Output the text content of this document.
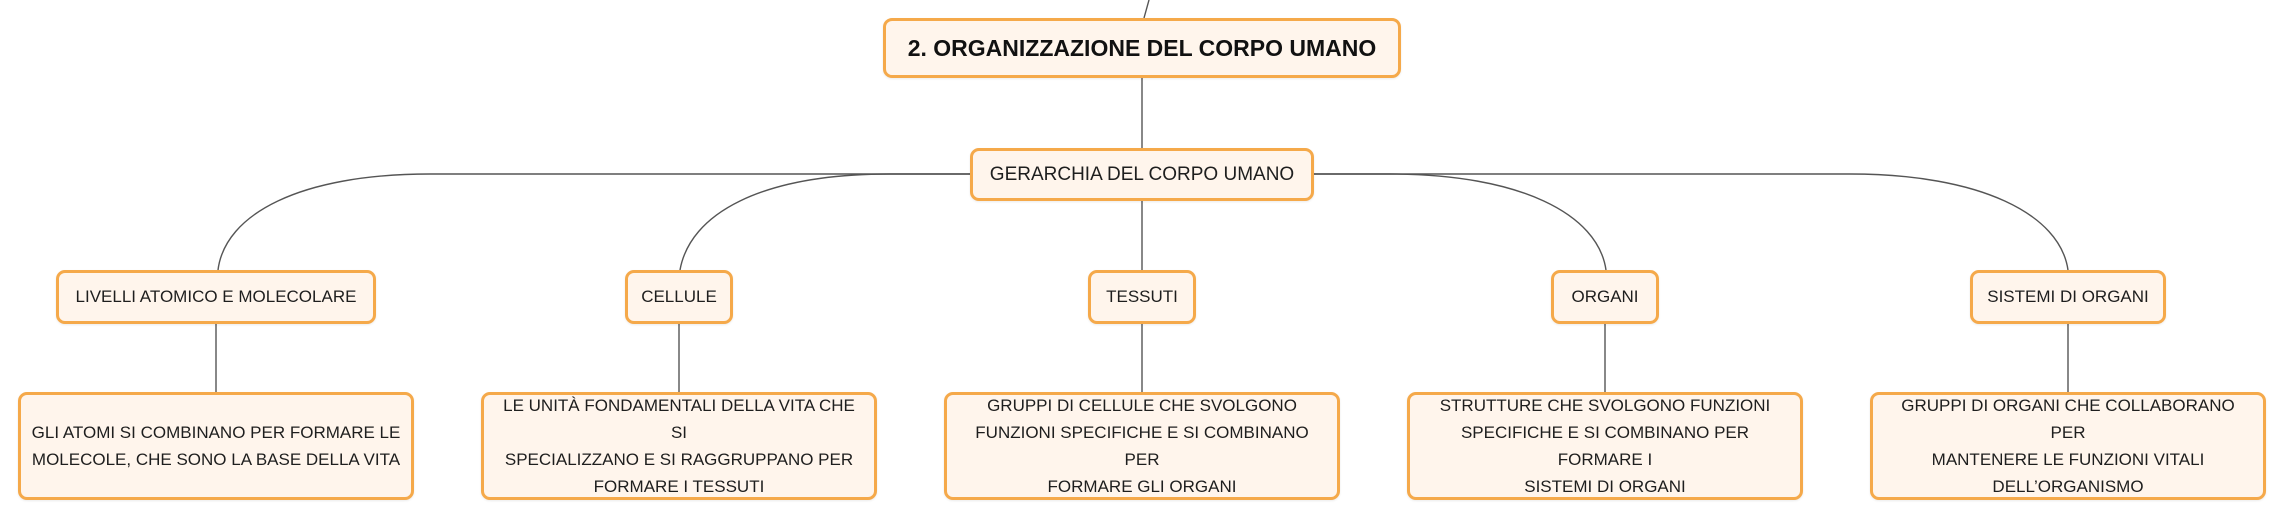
2. ORGANIZZAZIONE DEL CORPO UMANO
GERARCHIA DEL CORPO UMANO
LIVELLI ATOMICO E MOLECOLARE	CELLULE	TESSUTI	ORGANI	SISTEMI DI ORGANI
GLI ATOMI SI COMBINANO PER FORMARE LE
MOLECOLE, CHE SONO LA BASE DELLA VITA
LE UNITÀ FONDAMENTALI DELLA VITA CHE SI
SPECIALIZZANO E SI RAGGRUPPANO PER
FORMARE I TESSUTI
GRUPPI DI CELLULE CHE SVOLGONO
FUNZIONI SPECIFICHE E SI COMBINANO PER
FORMARE GLI ORGANI
STRUTTURE CHE SVOLGONO FUNZIONI
SPECIFICHE E SI COMBINANO PER FORMARE I
SISTEMI DI ORGANI
GRUPPI DI ORGANI CHE COLLABORANO PER
MANTENERE LE FUNZIONI VITALI
DELL’ORGANISMO
